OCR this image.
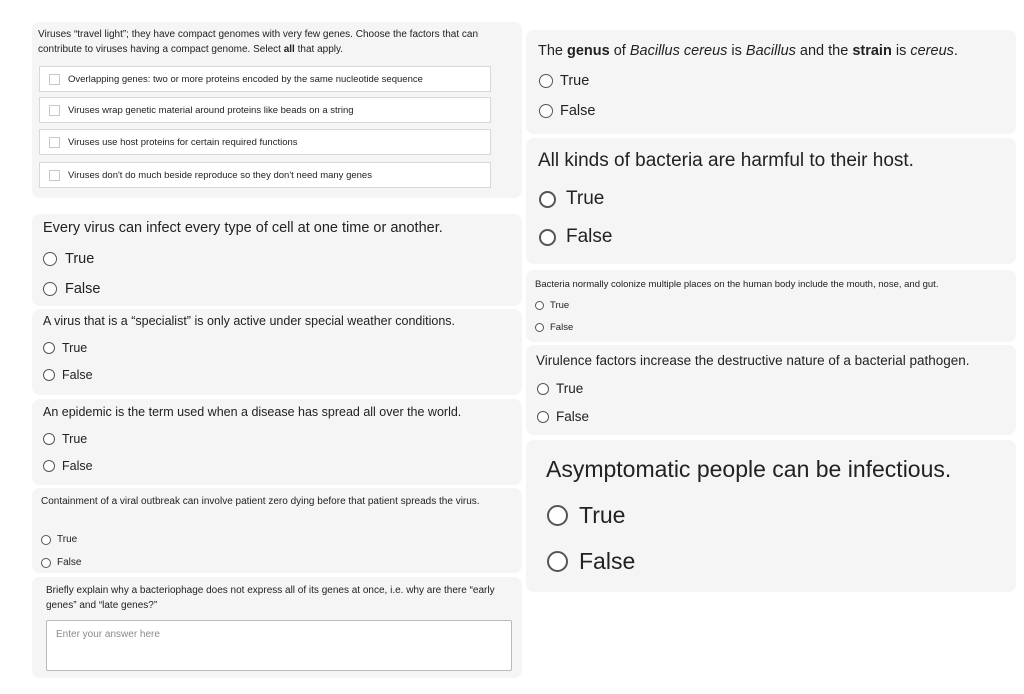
Viruses “travel light”; they have compact genomes with very few genes. Choose the factors that can contribute to viruses having a compact genome. Select all that apply.

Overlapping genes: two or more proteins encoded by the same nucleotide sequence
Viruses wrap genetic material around proteins like beads on a string
Viruses use host proteins for certain required functions
Viruses don't do much beside reproduce so they don't need many genes

Every virus can infect every type of cell at one time or another.

True
False

A virus that is a “specialist” is only active under special weather conditions.

True
False

An epidemic is the term used when a disease has spread all over the world.

True
False

Containment of a viral outbreak can involve patient zero dying before that patient spreads the virus.

True
False

Briefly explain why a bacteriophage does not express all of its genes at once, i.e. why are there “early genes” and “late genes?”

Enter your answer here

The genus of Bacillus cereus is Bacillus and the strain is cereus.

True
False

All kinds of bacteria are harmful to their host.

True
False

Bacteria normally colonize multiple places on the human body include the mouth, nose, and gut.

True
False

Virulence factors increase the destructive nature of a bacterial pathogen.

True
False

Asymptomatic people can be infectious.

True
False
